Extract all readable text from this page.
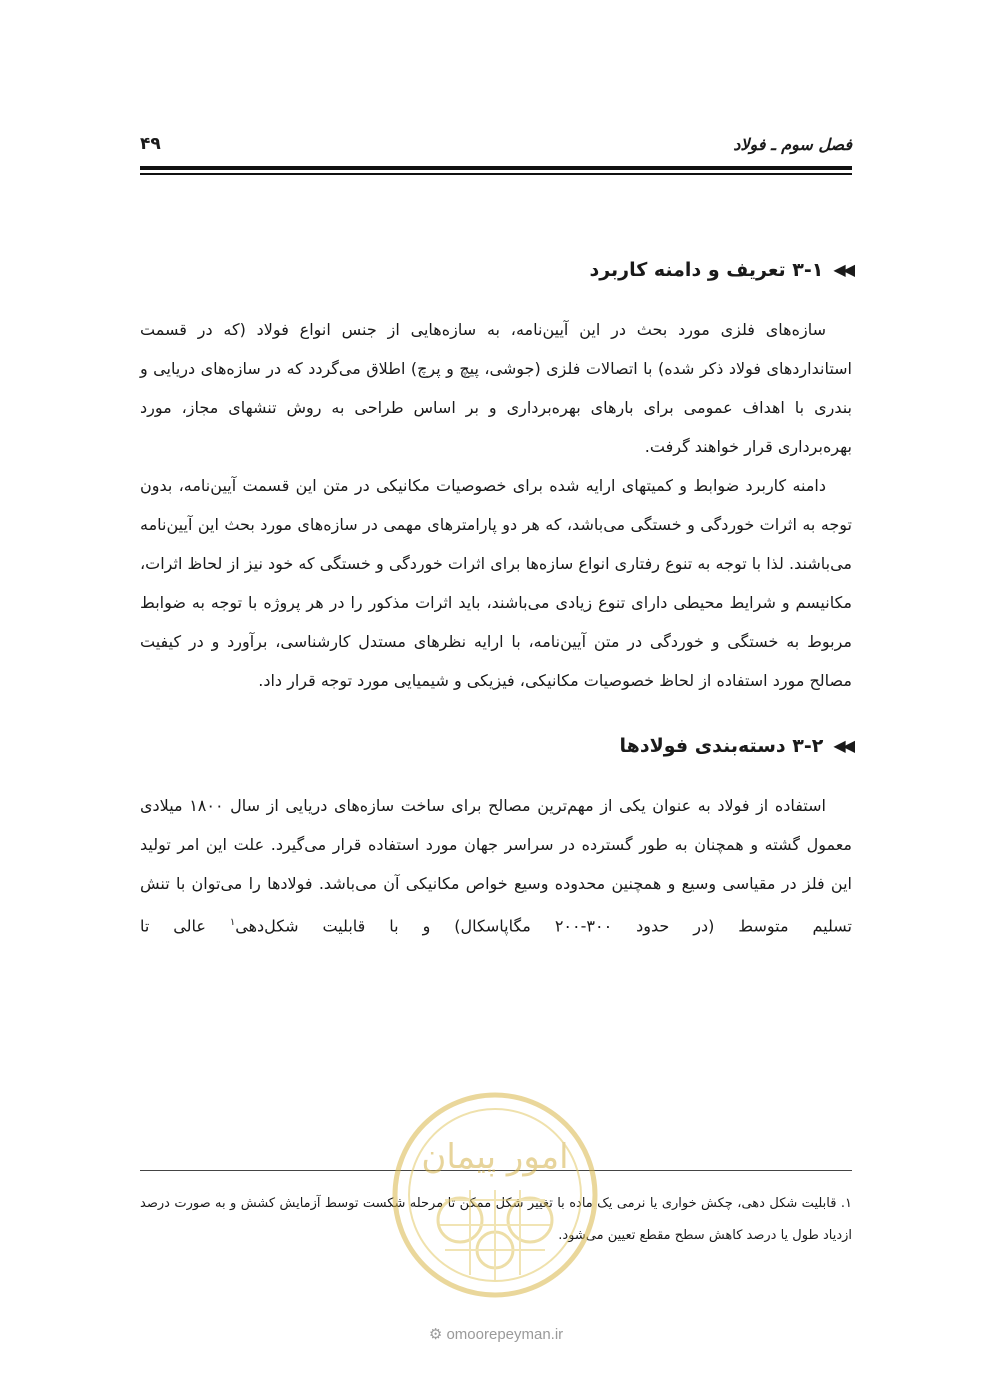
۴۹	فصل سوم ـ فولاد
◀◀
۳-۱ تعریف و دامنه کاربرد

سازه‌های فلزی مورد بحث در این آیین‌نامه، به سازه‌هایی از جنس انواع فولاد (که در قسمت استانداردهای فولاد ذکر شده) با اتصالات فلزی (جوشی، پیچ و پرچ) اطلاق می‌گردد که در سازه‌های دریایی و بندری با اهداف عمومی برای بارهای بهره‌برداری و بر اساس طراحی به روش تنشهای مجاز، مورد بهره‌برداری قرار خواهند گرفت.

دامنه کاربرد ضوابط و کمیتهای ارایه شده برای خصوصیات مکانیکی در متن این قسمت آیین‌نامه، بدون توجه به اثرات خوردگی و خستگی می‌باشد، که هر دو پارامترهای مهمی در سازه‌های مورد بحث این آیین‌نامه می‌باشند. لذا با توجه به تنوع رفتاری انواع سازه‌ها برای اثرات خوردگی و خستگی که خود نیز از لحاظ اثرات، مکانیسم و شرایط محیطی دارای تنوع زیادی می‌باشند، باید اثرات مذکور را در هر پروژه با توجه به ضوابط مربوط به خستگی و خوردگی در متن آیین‌نامه، با ارایه نظرهای مستدل کارشناسی، برآورد و در کیفیت مصالح مورد استفاده از لحاظ خصوصیات مکانیکی، فیزیکی و شیمیایی مورد توجه قرار داد.

◀◀
۳-۲ دسته‌بندی فولادها

استفاده از فولاد به عنوان یکی از مهم‌ترین مصالح برای ساخت سازه‌های دریایی از سال ۱۸۰۰ میلادی معمول گشته و همچنان به طور گسترده در سراسر جهان مورد استفاده قرار می‌گیرد. علت این امر تولید این فلز در مقیاسی وسیع و همچنین محدوده وسیع خواص مکانیکی آن می‌باشد. فولادها را می‌توان با تنش تسلیم متوسط (در حدود ۳۰۰-۲۰۰ مگاپاسکال) و با قابلیت شکل‌دهی$^۱$ عالی تا

۱. قابلیت شکل دهی، چکش خواری یا نرمی یک ماده با تغییر شکل ممکن تا مرحله شکست توسط آزمایش کشش و به صورت درصد ازدیاد طول یا درصد کاهش سطح مقطع تعیین می‌شود.
امور پیمان
⚙ omoorepeyman.ir
